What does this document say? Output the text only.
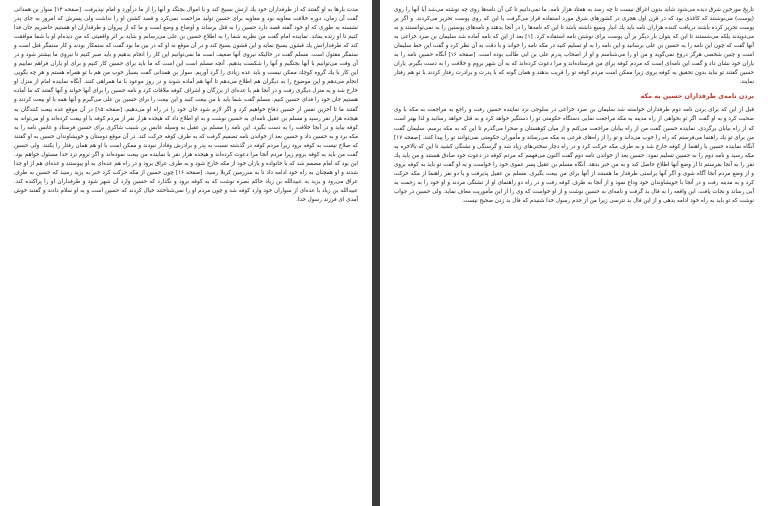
مدت بارها به او گفتند كه از طرفداران خود يك ارتش بسيج كند و با اموال بجنگد و آنها را از ما درآورد و امام نپذيرفت. [صفحه ۱۴] سوار بن همدانى گفت آن زمان، دوره خلافت معاويه بود و معاويه براى حسين توليد مزاحمت نمى‌كرد و قصد كشتن او را نداشت ولى پسرش كه امروز به جاى پدر نشسته به طورى كه او خود گفته قصد دارد حسين را به قتل برساند و اوضاع و وضع است و ما كه از پيروان و طرفداران او هستيم حاضريم جان فدا كنيم تا او زنده بماند. نماينده امام گفت من نظريه شما را به اطلاع حسين بن على مى‌رسانم و شايد بر اثر واقعيتى كه من ديده‌ام او با شما موافقت كند كه طرفدارانش يك قشون بسيج نمايد و اين قشون بسيج كند و در آن موقع نه او كه در بين ما بود گفت كه ستمكار بودند و كار ستمگر قتل است و ستمگر مقتول است. مسلم گفت در حاليكه نيروى آنها ضعيف است ما نمى‌توانيم اين كار را انجام بدهيم و بايد صبر كنيم تا نيروى ما بيشتر شود و در آن وقت مى‌توانيم با آنها بجنگيم و آنها را شكست بدهيم. آنچه مسلم است اين است كه ما بايد براى حسين كار كنيم و براى او ياران فراهم نماييم و اين كار با يك گروه كوچك ممكن نيست و بايد عده زيادى را گرد آوريم. سوار بن همدانى گفت بسيار خوب من هم با تو همراه هستم و هر چه بگويى انجام مى‌دهم و اين موضوع را به ديگران هم اطلاع مى‌دهم تا آنها هم آماده شوند و در روز موعود با ما همراهى كنند. آنگاه نماينده امام از منزل او خارج شد و به منزل ديگرى رفت و در آنجا هم با عده‌اى از بزرگان و اشراف كوفه ملاقات كرد و نامه حسين را براى آنها خواند و آنها گفتند كه ما آماده هستيم جان خود را فداى حسين كنيم. مسلم گفت شما بايد با من بيعت كنيد و اين بيعت را براى حسين بن على مى‌گيرم و آنها همه با او بيعت كردند و گفتند ما تا آخرين نفس از حسين دفاع خواهيم كرد و اگر لازم شود جان خود را در راه او مى‌دهيم. [صفحه ۱۵] در آن موقع عده بيعت كنندگان به هيجده هزار نفر رسيد و مسلم بن عقيل نامه‌اى به حسين نوشت و به او اطلاع داد كه هيجده هزار نفر از مردم كوفه با او بيعت كرده‌اند و او مى‌تواند به كوفه بيايد و در آنجا خلافت را به دست بگيرد. اين نامه را مسلم بن عقيل به وسيله عابس بن شبيب شاكرى براى حسين فرستاد و عابس نامه را به مكه برد و به حسين داد و حسين بعد از خواندن نامه تصميم گرفت كه به طرف كوفه حركت كند. در آن موقع دوستان و خويشاوندان حسين به او گفتند كه صلاح نيست به كوفه برود زيرا مردم كوفه در گذشته نسبت به پدر و برادرش وفادار نبودند و ممكن است با او هم همان رفتار را بكنند. ولى حسين گفت من بايد به كوفه بروم زيرا مردم آنجا مرا دعوت كرده‌اند و هيجده هزار نفر با نماينده من بيعت نموده‌اند و اگر نروم نزد خدا مسئول خواهم بود. اين بود كه امام مصمم شد كه با خانواده و ياران خود از مكه خارج شود و به طرف عراق برود و در راه هم عده‌اى به او پيوستند و عده‌اى هم از او جدا شدند و او همچنان به راه خود ادامه داد تا به سرزمين كربلا رسيد. [صفحه ۱۶] چون حسين از مكه حركت كرد خبر به يزيد رسيد كه حسين به طرف عراق مى‌رود و يزيد به عبيدالله بن زياد حاكم بصره نوشت كه به كوفه برود و نگذارد كه حسين وارد آن شهر شود و طرفداران او را پراكنده كند. عبيدالله بن زياد با عده‌اى از سواران خود وارد كوفه شد و چون مردم او را نمى‌شناختند خيال كردند كه حسين است و به او سلام دادند و گفتند خوش آمدى اى فرزند رسول خدا.

تاريخ مورخين شرق ديده مى‌شود شايد بدون اغراق نيست تا چه رسد به هفتاد هزار نامه. ما نمى‌دانيم تا كى آن نامه‌ها روى چه نوشته مى‌شد آيا آنها را روى (پوست) مى‌نوشتند كه كاغذى بود كه در قرن اول هجرى در كشورهاى شرق مورد استفاده قرار مى‌گرفت يا اين كه روى پوست تحرير مى‌كردند. و اگر بر پوست تحرير كرده باشند دريافت كننده هزاران نامه بايد يك انبار وسيع داشته باشد تا اين كه نامه‌ها را در آنجا بدهند و نامه‌هاى پوستين را به نمى‌توانستند و نه مى‌دويدند بلكه مى‌شستند تا اين كه بتوان بار ديگر بر آن پوست براى نوشتن نامه استفاده كرد. [۱] بعد از اين كه نامه آماده شد سليمان بن صرد خزاعى به آنها گفت كه چون اين نامه را به حسين بن على برسانيد و اين نامه را به او تسليم كنيد در مكه نامه را خواند و با دقت به آن نظر كرد و گفت اين خط سليمان است و چنين شخصى هرگز دروغ نمى‌گويد و من او را مى‌شناسم و او از اصحاب پدرم على بن ابى طالب بوده است. [صفحه ۱۶] آنگاه حسين نامه را به ياران خود نشان داد و گفت اين نامه‌اى است كه مردم كوفه براى من فرستاده‌اند و مرا دعوت كرده‌اند كه به آن شهر بروم و خلافت را به دست بگيرم. ياران حسين گفتند تو نبايد بدون تحقيق به كوفه بروى زيرا ممكن است مردم كوفه تو را فريب بدهند و همان گونه كه با پدرت و برادرت رفتار كردند با تو هم رفتار نمايند.

بردن نامه‌ى طرفداران حسين به مكه

قبل از اين كه براى بردن نامه دوم طرفداران خواسته شد سليمان بن صرد خزاعى در سلوجى نزد نماينده حسين رفت و راجع به مراجعت به مكه با وى صحبت كرد و به او گفت اگر تو بخواهى از راه مدينه به مكه مراجعت نمايى دستگاه حكومتى تو را دستگير خواهد كرد و به قتل خواهد رسانيد و لذا بهتر است كه از راه بيابان برگردى. نماينده حسين گفت من از راه بيابان مراجعت مى‌كنم و از ميان كوهستان و صحرا مى‌گذرم تا اين كه به مكه برسم. سليمان گفت من براى تو يك راهنما مى‌فرستم كه راه را خوب مى‌داند و تو را از راه‌هاى فرعى به مكه مى‌رساند و مأموران حكومتى نمى‌توانند تو را پيدا كنند. [صفحه ۱۷] آنگاه نماينده حسين با راهنما از كوفه خارج شد و به طرف مكه حركت كرد و در راه دچار سختى‌هاى زياد شد و گرسنگى و تشنگى كشيد تا اين كه بالاخره به مكه رسيد و نامه دوم را به حسين تسليم نمود. حسين بعد از خواندن نامه دوم گفت اكنون مى‌فهمم كه مردم كوفه در دعوت خود صادق هستند و من بايد يك نفر را به آنجا بفرستم تا از وضع آنها اطلاع حاصل كند و به من خبر بدهد. آنگاه مسلم بن عقيل پسر عموى خود را خواست و به او گفت تو بايد به كوفه بروى و از وضع مردم آنجا آگاه شوى و اگر آنها براستى طرفدار ما هستند از آنها براى من بيعت بگيرى. مسلم بن عقيل پذيرفت و با دو نفر راهنما از مكه حركت كرد و به مدينه رفت و در آنجا با خويشاوندان خود وداع نمود و از آنجا به طرف كوفه رفت و در راه دو راهنماى او از تشنگى مردند و او خود را به زحمت به آبى رساند و نجات يافت. اين واقعه را به فال بد گرفت و نامه‌اى به حسين نوشت و از او خواست كه وى را از اين مأموريت معاف نمايد. ولى حسين در جواب نوشت كه تو بايد به راه خود ادامه بدهى و از اين فال بد نترسى زيرا من از جدم رسول خدا شنيدم كه فال بد زدن صحيح نيست.
